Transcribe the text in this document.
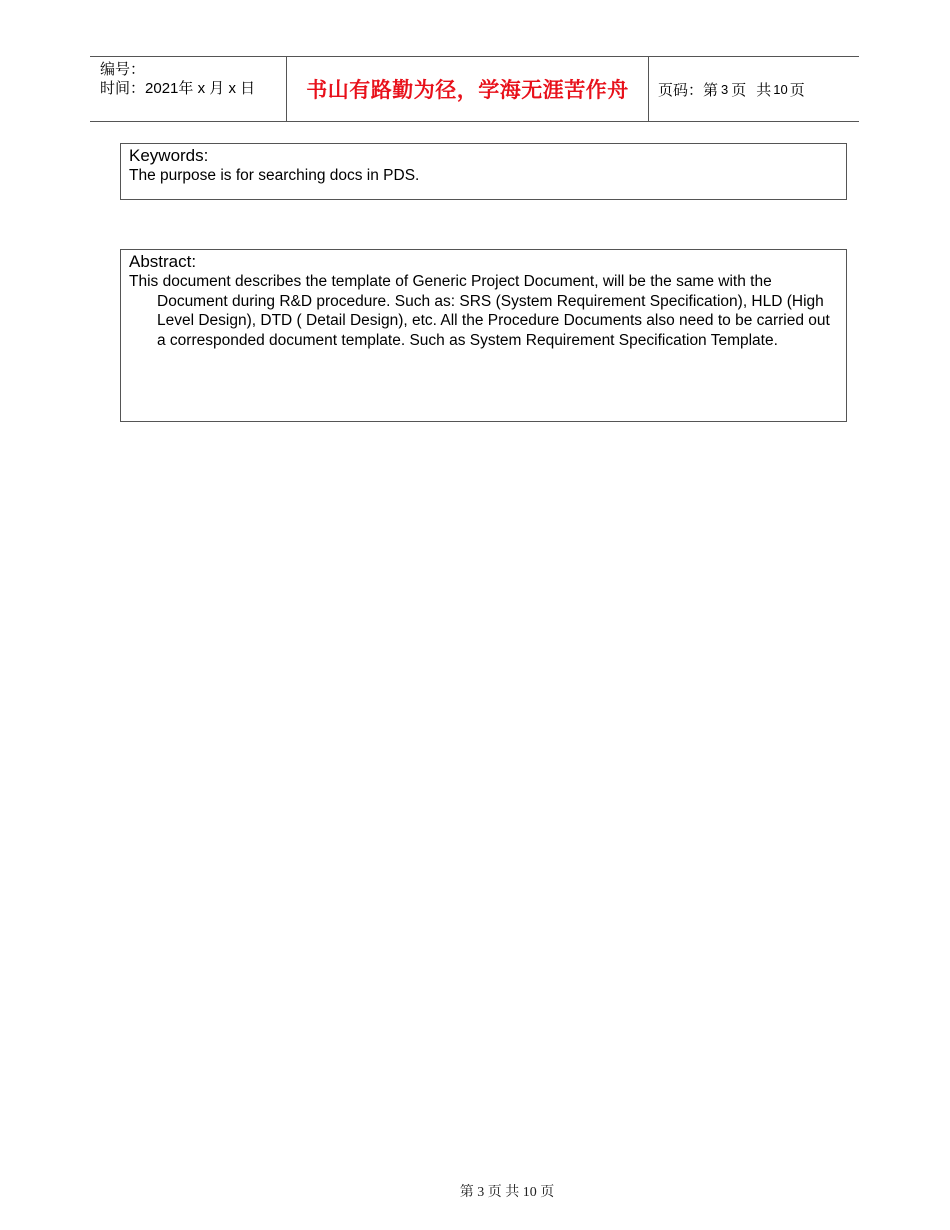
编号：
时间：2021年 x 月 x 日	书山有路勤为径，学海无涯苦作舟 页码：第 3 页 共 10 页
Keywords:
The purpose is for searching docs in PDS.
Abstract:
This document describes the template of Generic Project Document, will be the same with the Document during R&D procedure. Such as: SRS (System Requirement Specification), HLD (High Level Design), DTD ( Detail Design), etc. All the Procedure Documents also need to be carried out a corresponded document template. Such as System Requirement Specification Template.
第 3 页 共 10 页
